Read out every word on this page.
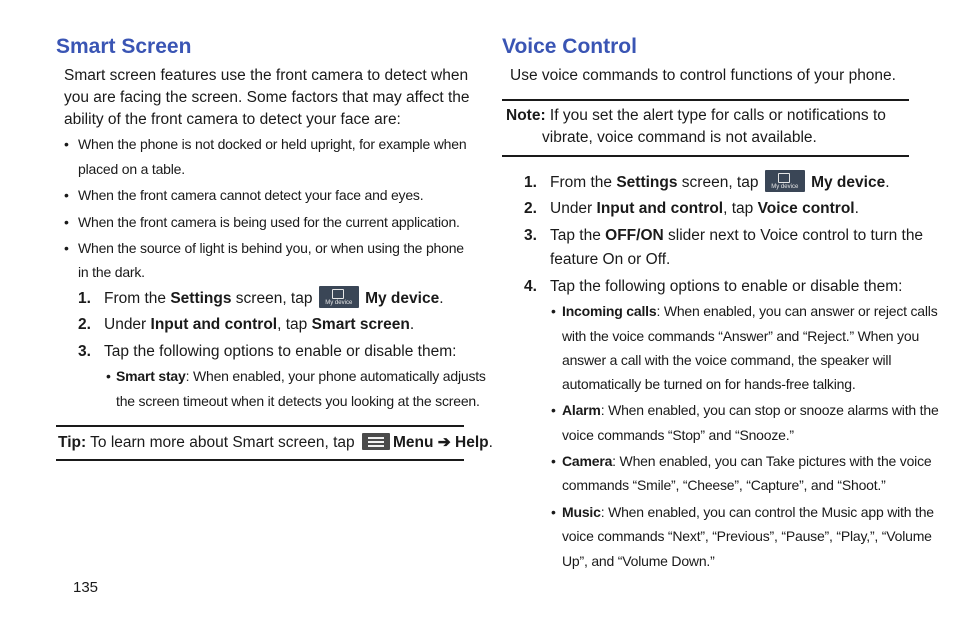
Smart Screen
Smart screen features use the front camera to detect when
you are facing the screen. Some factors that may affect the
ability of the front camera to detect your face are:
• When the phone is not docked or held upright, for example when
placed on a table.
• When the front camera cannot detect your face and eyes.
• When the front camera is being used for the current application.
• When the source of light is behind you, or when using the phone
in the dark.
1. From the Settings screen, tap	My device My device.
2. Under Input and control, tap Smart screen.
3. Tap the following options to enable or disable them:
• Smart stay: When enabled, your phone automatically adjusts
the screen timeout when it detects you looking at the screen.
Tip: To learn more about Smart screen, tap
Menu ➔ Help.
Voice Control
Use voice commands to control functions of your phone.
Note: If you set the alert type for calls or notifications to
vibrate, voice command is not available.
1. From the Settings screen, tap	My device My device.
2. Under Input and control, tap Voice control.
3. Tap the OFF/ON slider next to Voice control to turn the
feature On or Off.
4. Tap the following options to enable or disable them:
• Incoming calls: When enabled, you can answer or reject calls
with the voice commands “Answer” and “Reject.” When you
answer a call with the voice command, the speaker will
automatically be turned on for hands-free talking.
• Alarm: When enabled, you can stop or snooze alarms with the
voice commands “Stop” and “Snooze.”
• Camera: When enabled, you can Take pictures with the voice
commands “Smile”, “Cheese”, “Capture”, and “Shoot.”
• Music: When enabled, you can control the Music app with the
voice commands “Next”, “Previous”, “Pause”, “Play,”, “Volume
Up”, and “Volume Down.”
135
